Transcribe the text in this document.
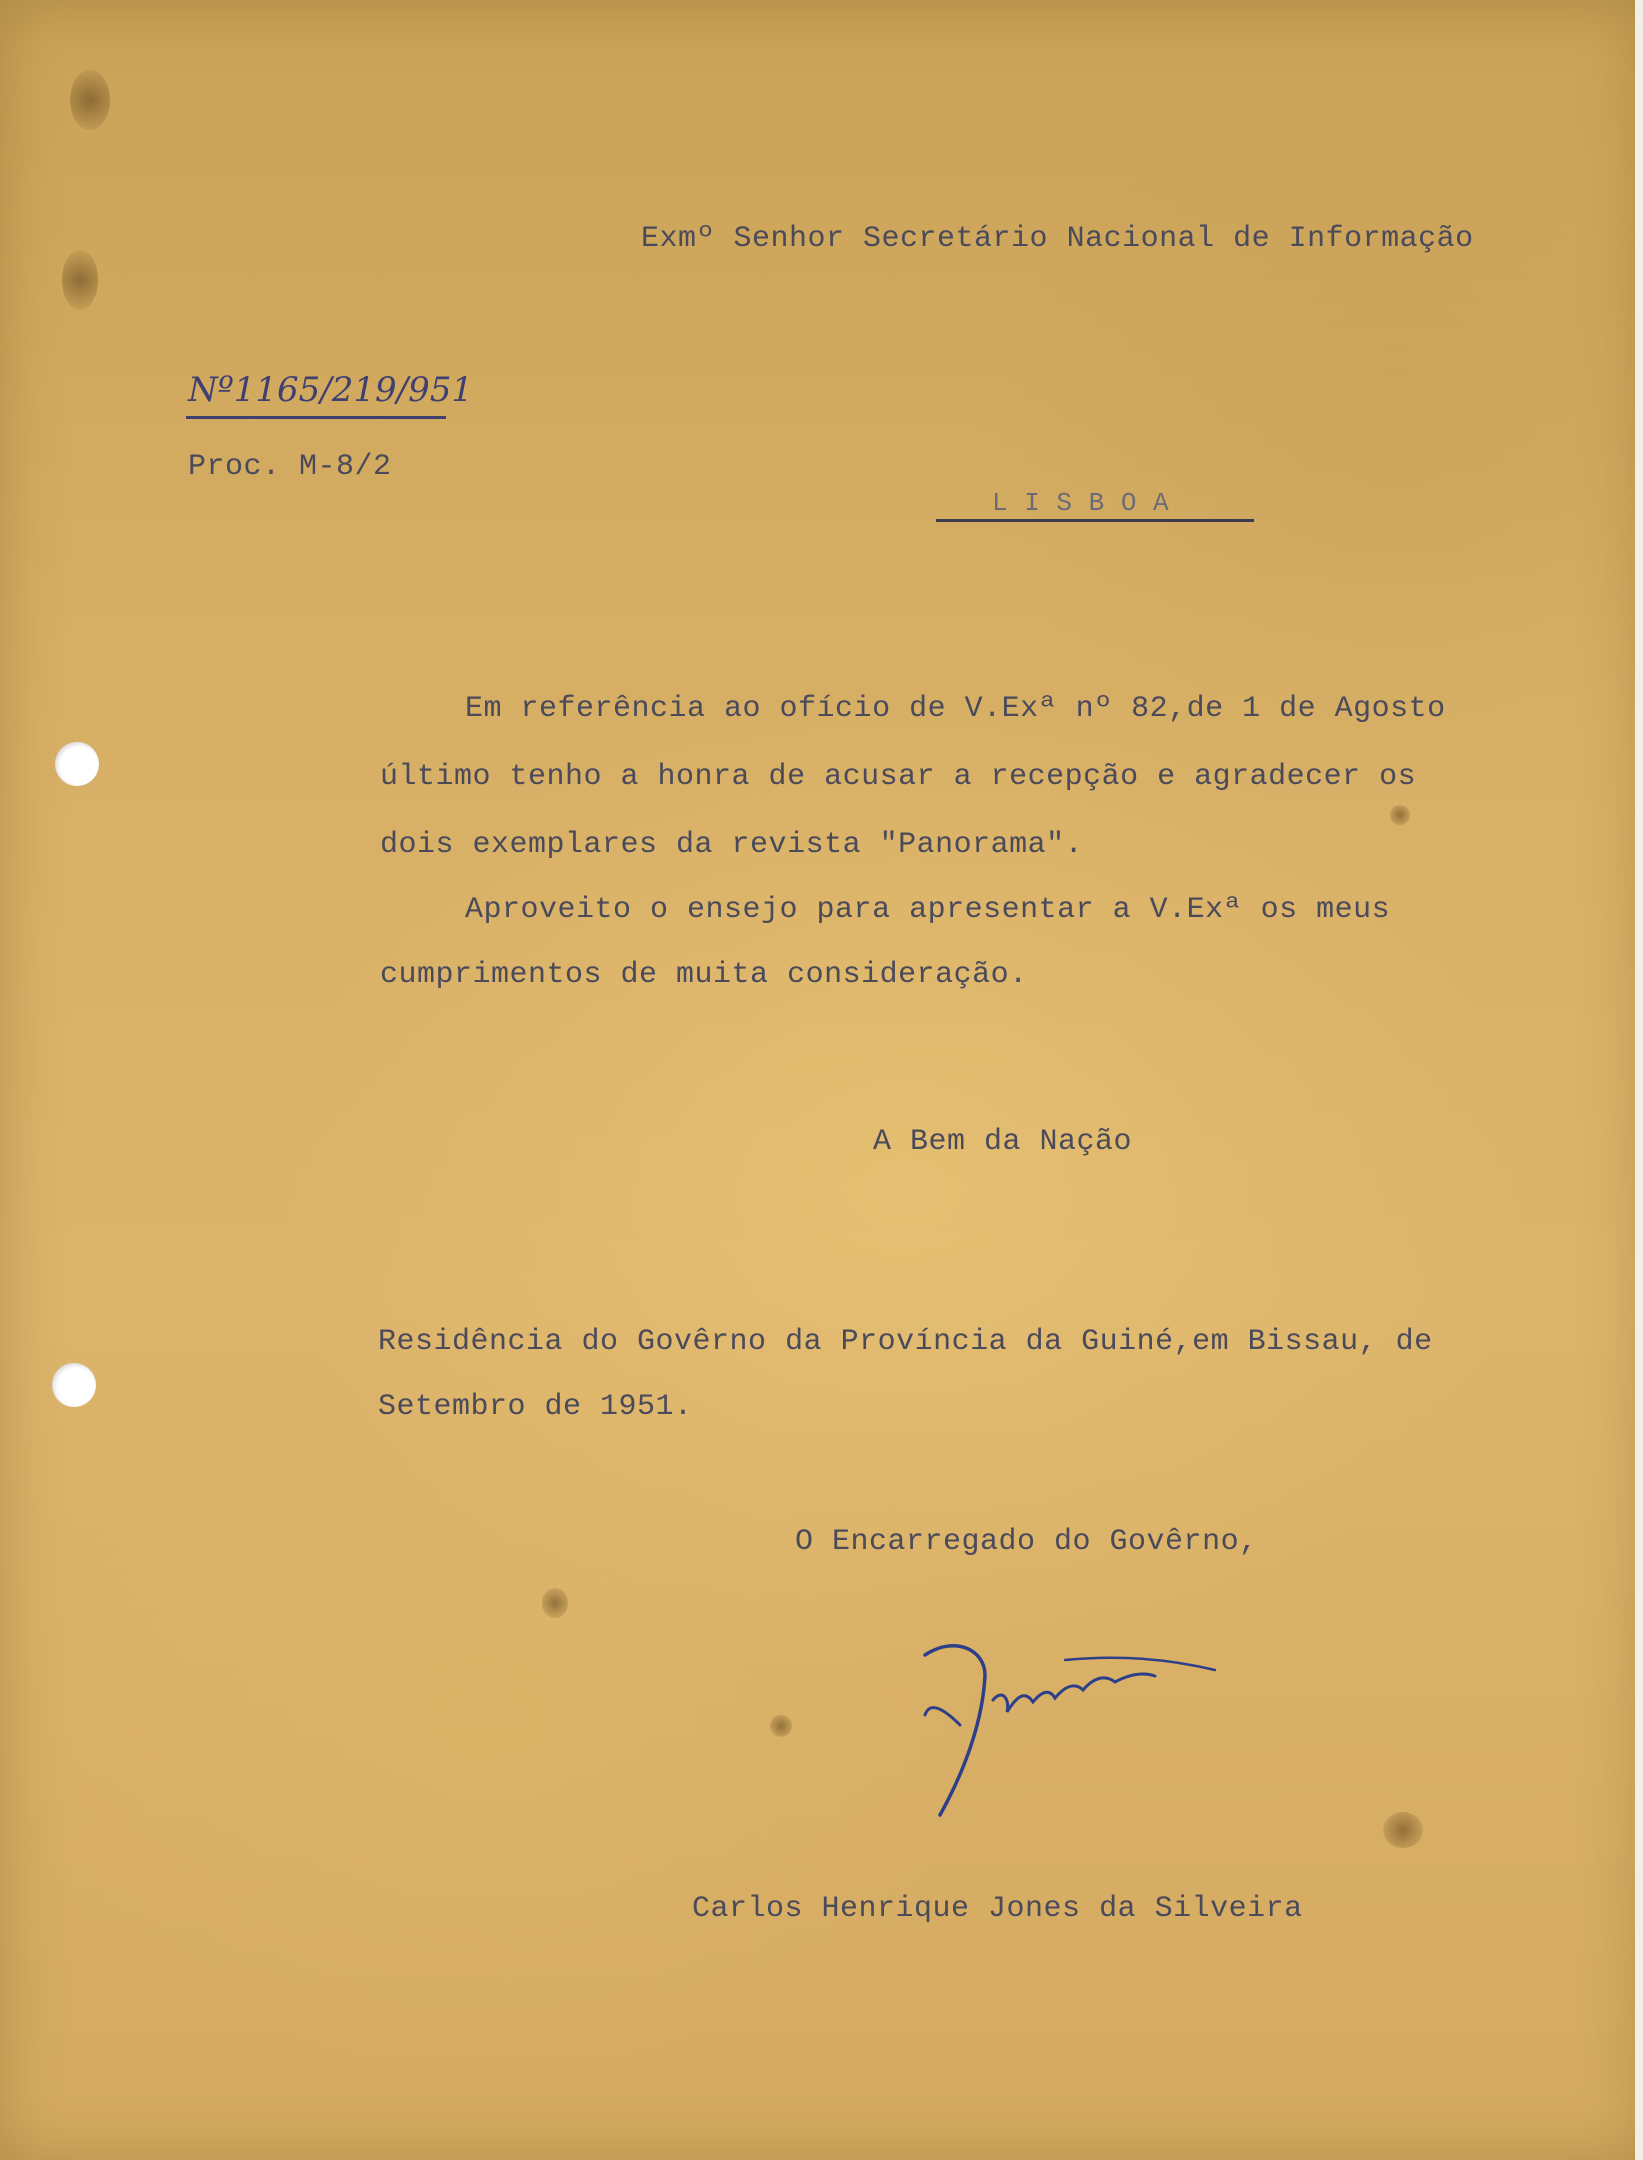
Exmº Senhor Secretário Nacional de Informação
Nº1165/219/951
Proc. M-8/2
L I S B O A
Em referência ao ofício de V.Exª nº 82,de 1 de Agosto
último tenho a honra de acusar a recepção e agradecer os
dois exemplares da revista "Panorama".
Aproveito o ensejo para apresentar a V.Exª os meus
cumprimentos de muita consideração.
A Bem da Nação
Residência do Govêrno da Província da Guiné,em Bissau, de
Setembro de 1951.
O Encarregado do Govêrno,
Carlos Henrique Jones da Silveira
